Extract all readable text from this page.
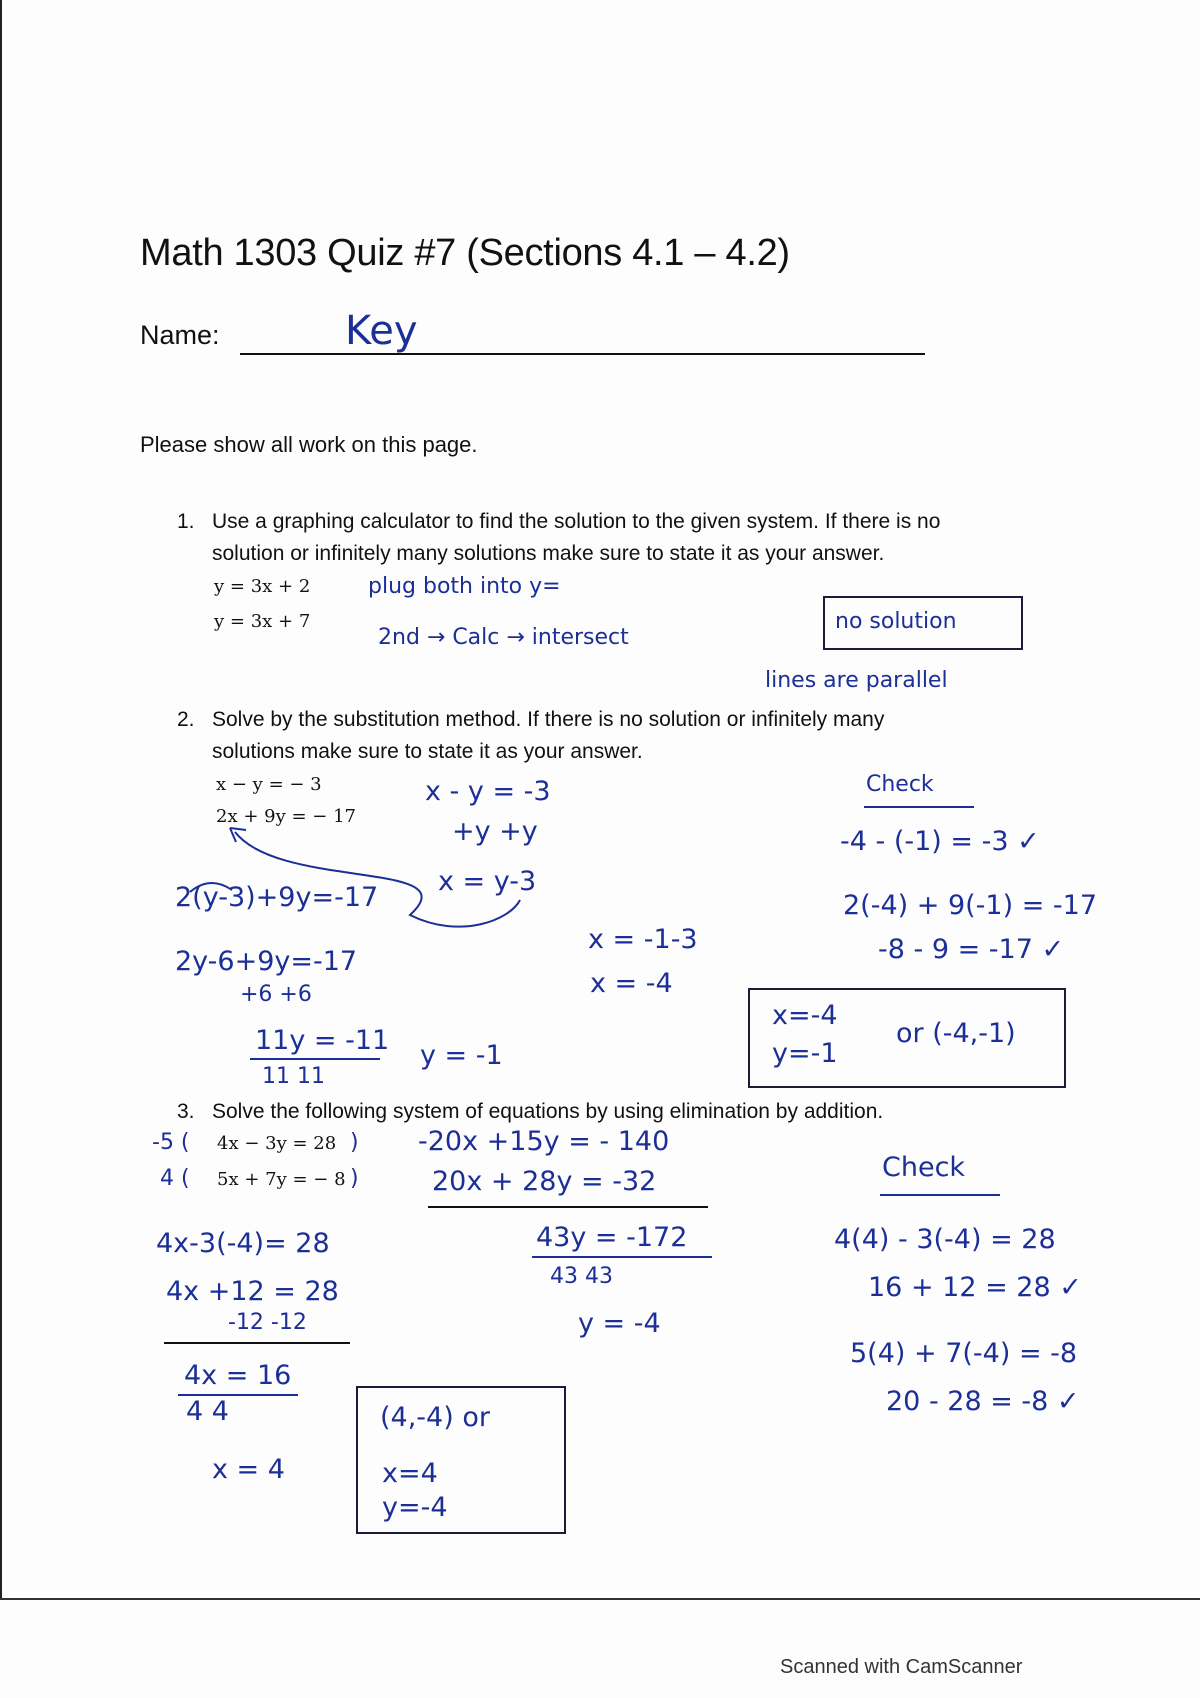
Math 1303 Quiz #7 (Sections 4.1 – 4.2)
Name:	Key
Please show all work on this page.
1. Use a graphing calculator to find the solution to the given system. If there is no
solution or infinitely many solutions make sure to state it as your answer.
y = 3x + 2
y = 3x + 7
plug both into y=
2nd → Calc → intersect
no solution
lines are parallel
2. Solve by the substitution method. If there is no solution or infinitely many
solutions make sure to state it as your answer.
x − y = − 3
2x + 9y = − 17
x - y = -3
+y +y
x = y-3
2(y-3)+9y=-17
2y-6+9y=-17
+6 +6
11y = -11
11 11
y = -1
x = -1-3
x = -4
Check
-4 - (-1) = -3 ✓
2(-4) + 9(-1) = -17
-8 - 9 = -17 ✓
x=-4
y=-1
or (-4,-1)
3. Solve the following system of equations by using elimination by addition.
-5 ( 4x − 3y = 28 )
4 ( 5x + 7y = − 8 )
-20x +15y = - 140
20x + 28y = -32
43y = -172
43 43
y = -4
4x-3(-4)= 28
4x +12 = 28
-12 -12
4x = 16
4 4
x = 4
(4,-4) or
x=4
y=-4
Check
4(4) - 3(-4) = 28
16 + 12 = 28 ✓
5(4) + 7(-4) = -8
20 - 28 = -8 ✓
Scanned with CamScanner
